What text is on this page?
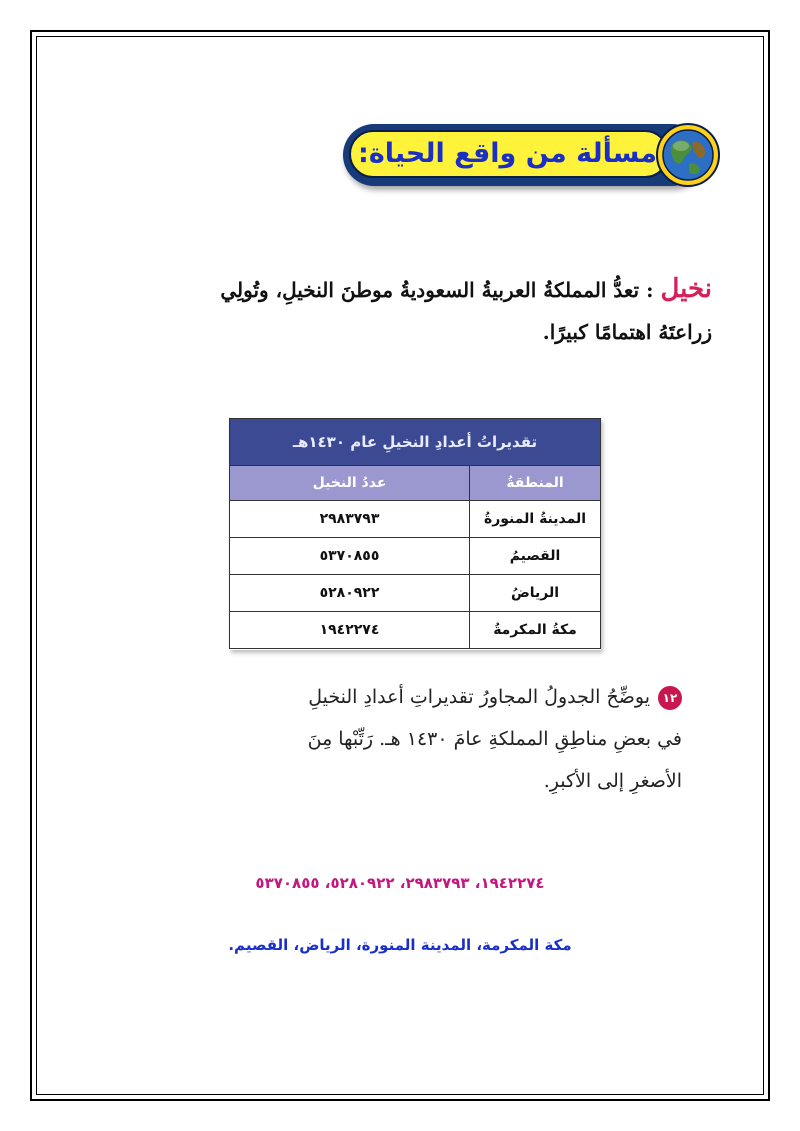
مسألة من واقع الحياة:
نخيل : تعدُّ المملكةُ العربيةُ السعوديةُ موطنَ النخيلِ، وتُولِي
زراعتَهُ اهتمامًا كبيرًا.
تقديراتُ أعدادِ النخيلِ عام ١٤٣٠هـ	
المنطقةُ	عددُ النخيل
المدينةُ المنورةُ	٢٩٨٣٧٩٣
القصيمُ	٥٣٧٠٨٥٥
الرياضُ	٥٢٨٠٩٢٢
مكةُ المكرمةُ	١٩٤٢٢٧٤
١٢يوضِّحُ الجدولُ المجاورُ تقديراتِ أعدادِ النخيلِ
في بعضِ مناطِقِ المملكةِ عامَ ١٤٣٠ هـ. رَتِّبْها مِنَ
الأصغرِ إلى الأكبرِ.
١٩٤٢٢٧٤، ٢٩٨٣٧٩٣، ٥٢٨٠٩٢٢، ٥٣٧٠٨٥٥
مكة المكرمة، المدينة المنورة، الرياض، القصيم.
